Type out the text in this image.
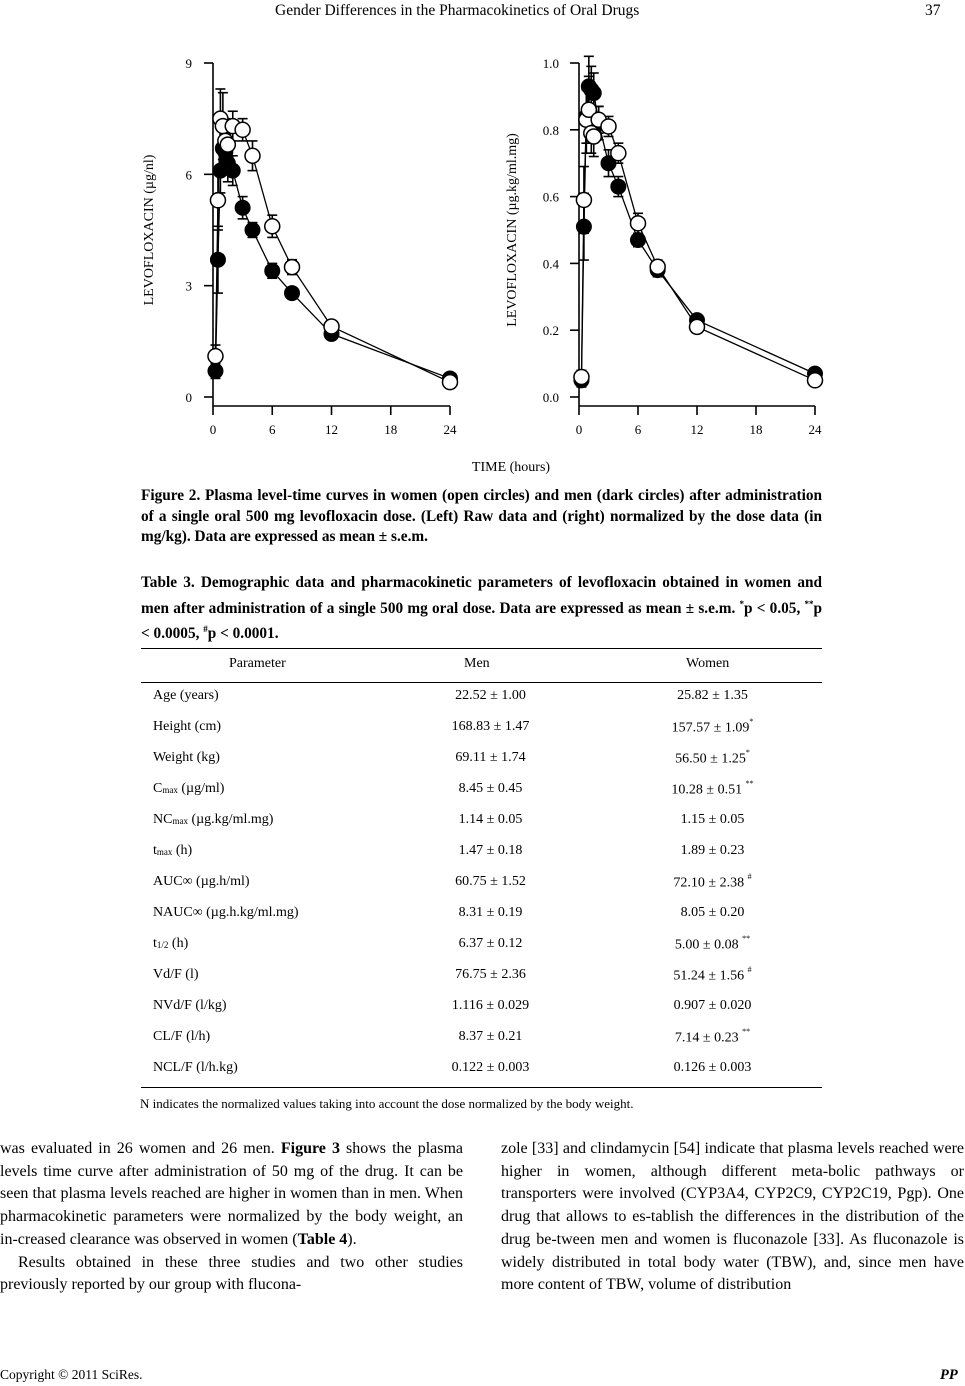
Gender Differences in the Pharmacokinetics of Oral Drugs	37
0
3
6
9
0	6	12	18	24
LEVOFLOXACIN (µg/nl)
0.0
0.2
0.4
0.6
0.8
1.0
0	6	12	18	24
LEVOFLOXACIN (µg.kg/ml.mg)
TIME (hours)
Figure 2. Plasma level-time curves in women (open circles) and men (dark circles) after administration of a single oral 500 mg levofloxacin dose. (Left) Raw data and (right) normalized by the dose data (in mg/kg). Data are expressed as mean ± s.e.m.
Table 3. Demographic data and pharmacokinetic parameters of levofloxacin obtained in women and men after administration of a single 500 mg oral dose. Data are expressed as mean ± s.e.m. *p < 0.05, **p < 0.0005, #p < 0.0001.
Parameter	Men	Women
Age (years)	22.52 ± 1.00	25.82 ± 1.35
Height (cm)	168.83 ± 1.47	157.57 ± 1.09*
Weight (kg)	69.11 ± 1.74	56.50 ± 1.25*
Cmax (µg/ml)	8.45 ± 0.45	10.28 ± 0.51 **
NCmax (µg.kg/ml.mg)	1.14 ± 0.05	1.15 ± 0.05
tmax (h)	1.47 ± 0.18	1.89 ± 0.23
AUC∞ (µg.h/ml)	60.75 ± 1.52	72.10 ± 2.38 #
NAUC∞ (µg.h.kg/ml.mg)	8.31 ± 0.19	8.05 ± 0.20
t1/2 (h)	6.37 ± 0.12	5.00 ± 0.08 **
Vd/F (l)	76.75 ± 2.36	51.24 ± 1.56 #
NVd/F (l/kg)	1.116 ± 0.029	0.907 ± 0.020
CL/F (l/h)	8.37 ± 0.21	7.14 ± 0.23 **
NCL/F (l/h.kg)	0.122 ± 0.003	0.126 ± 0.003
N indicates the normalized values taking into account the dose normalized by the body weight.

was evaluated in 26 women and 26 men. Figure 3 shows the plasma levels time curve after administration of 50 mg of the drug. It can be seen that plasma levels reached are higher in women than in men. When pharmacokinetic parameters were normalized by the body weight, an in-creased clearance was observed in women (Table 4).

Results obtained in these three studies and two other studies previously reported by our group with flucona-

zole [33] and clindamycin [54] indicate that plasma levels reached were higher in women, although different meta-bolic pathways or transporters were involved (CYP3A4, CYP2C9, CYP2C19, Pgp). One drug that allows to es-tablish the differences in the distribution of the drug be-tween men and women is fluconazole [33]. As fluconazole is widely distributed in total body water (TBW), and, since men have more content of TBW, volume of distribution

Copyright © 2011 SciRes.	PP
